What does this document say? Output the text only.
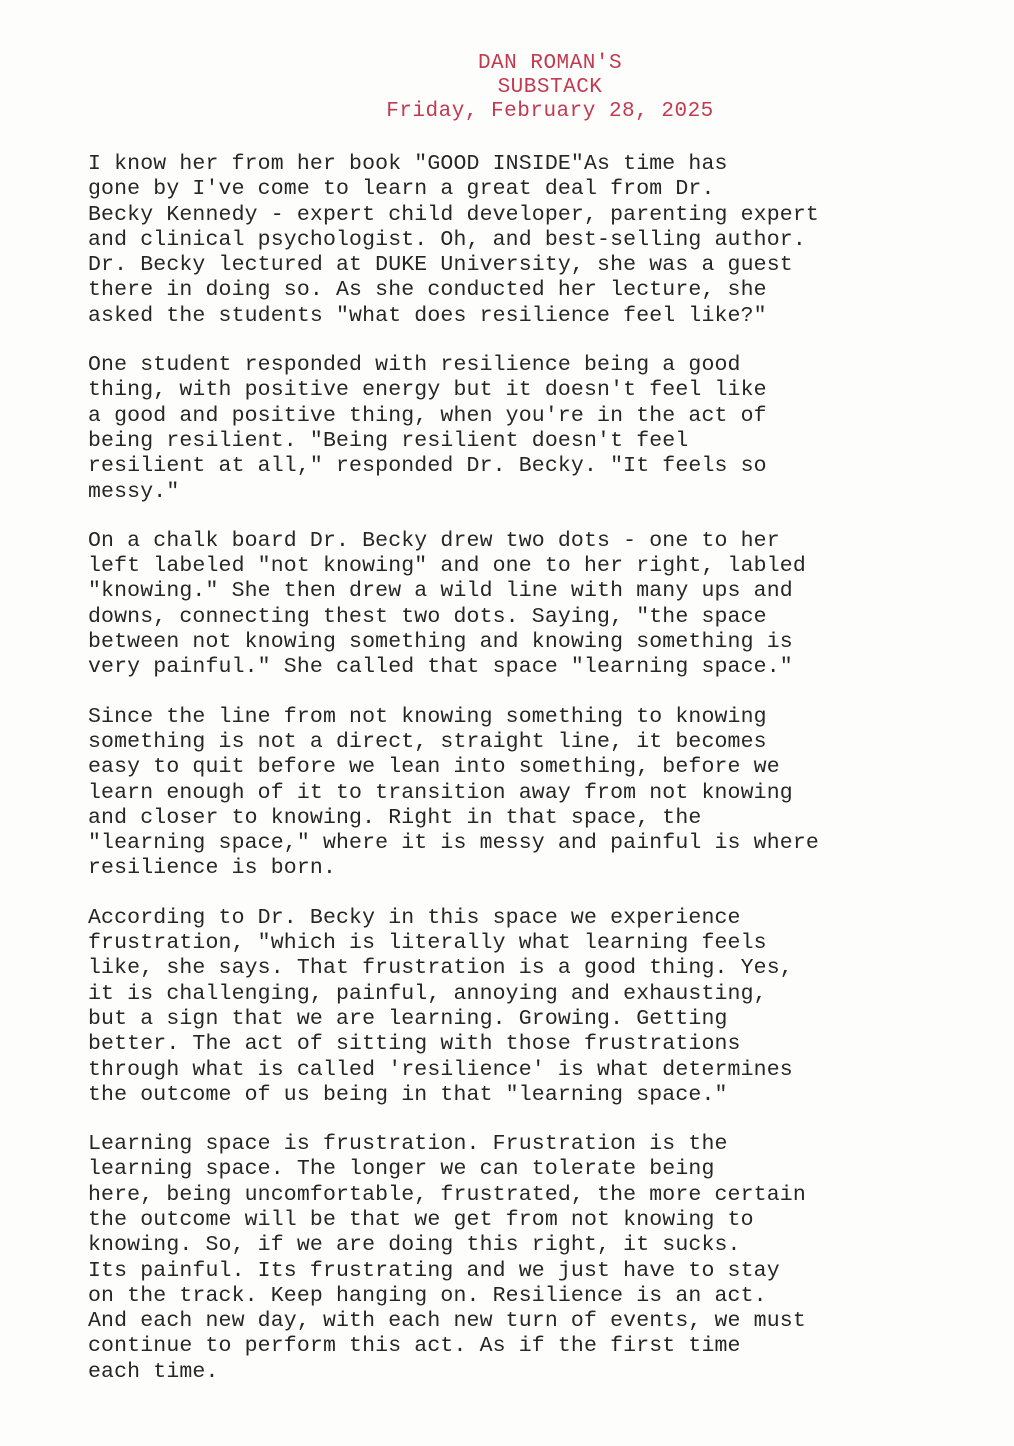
DAN ROMAN'S
SUBSTACK
Friday, February 28, 2025
I know her from her book "GOOD INSIDE"As time has
gone by I've come to learn a great deal from Dr.
Becky Kennedy - expert child developer, parenting expert
and clinical psychologist. Oh, and best-selling author.
Dr. Becky lectured at DUKE University, she was a guest
there in doing so. As she conducted her lecture, she
asked the students "what does resilience feel like?"
One student responded with resilience being a good
thing, with positive energy but it doesn't feel like
a good and positive thing, when you're in the act of
being resilient. "Being resilient doesn't feel
resilient at all," responded Dr. Becky. "It feels so
messy."
On a chalk board Dr. Becky drew two dots - one to her
left labeled "not knowing" and one to her right, labled
"knowing." She then drew a wild line with many ups and
downs, connecting thest two dots. Saying, "the space
between not knowing something and knowing something is
very painful." She called that space "learning space."
Since the line from not knowing something to knowing
something is not a direct, straight line, it becomes
easy to quit before we lean into something, before we
learn enough of it to transition away from not knowing
and closer to knowing. Right in that space, the
"learning space," where it is messy and painful is where
resilience is born.
According to Dr. Becky in this space we experience
frustration, "which is literally what learning feels
like, she says. That frustration is a good thing. Yes,
it is challenging, painful, annoying and exhausting,
but a sign that we are learning. Growing. Getting
better. The act of sitting with those frustrations
through what is called 'resilience' is what determines
the outcome of us being in that "learning space."
Learning space is frustration. Frustration is the
learning space. The longer we can tolerate being
here, being uncomfortable, frustrated, the more certain
the outcome will be that we get from not knowing to
knowing. So, if we are doing this right, it sucks.
Its painful. Its frustrating and we just have to stay
on the track. Keep hanging on. Resilience is an act.
And each new day, with each new turn of events, we must
continue to perform this act. As if the first time
each time.
